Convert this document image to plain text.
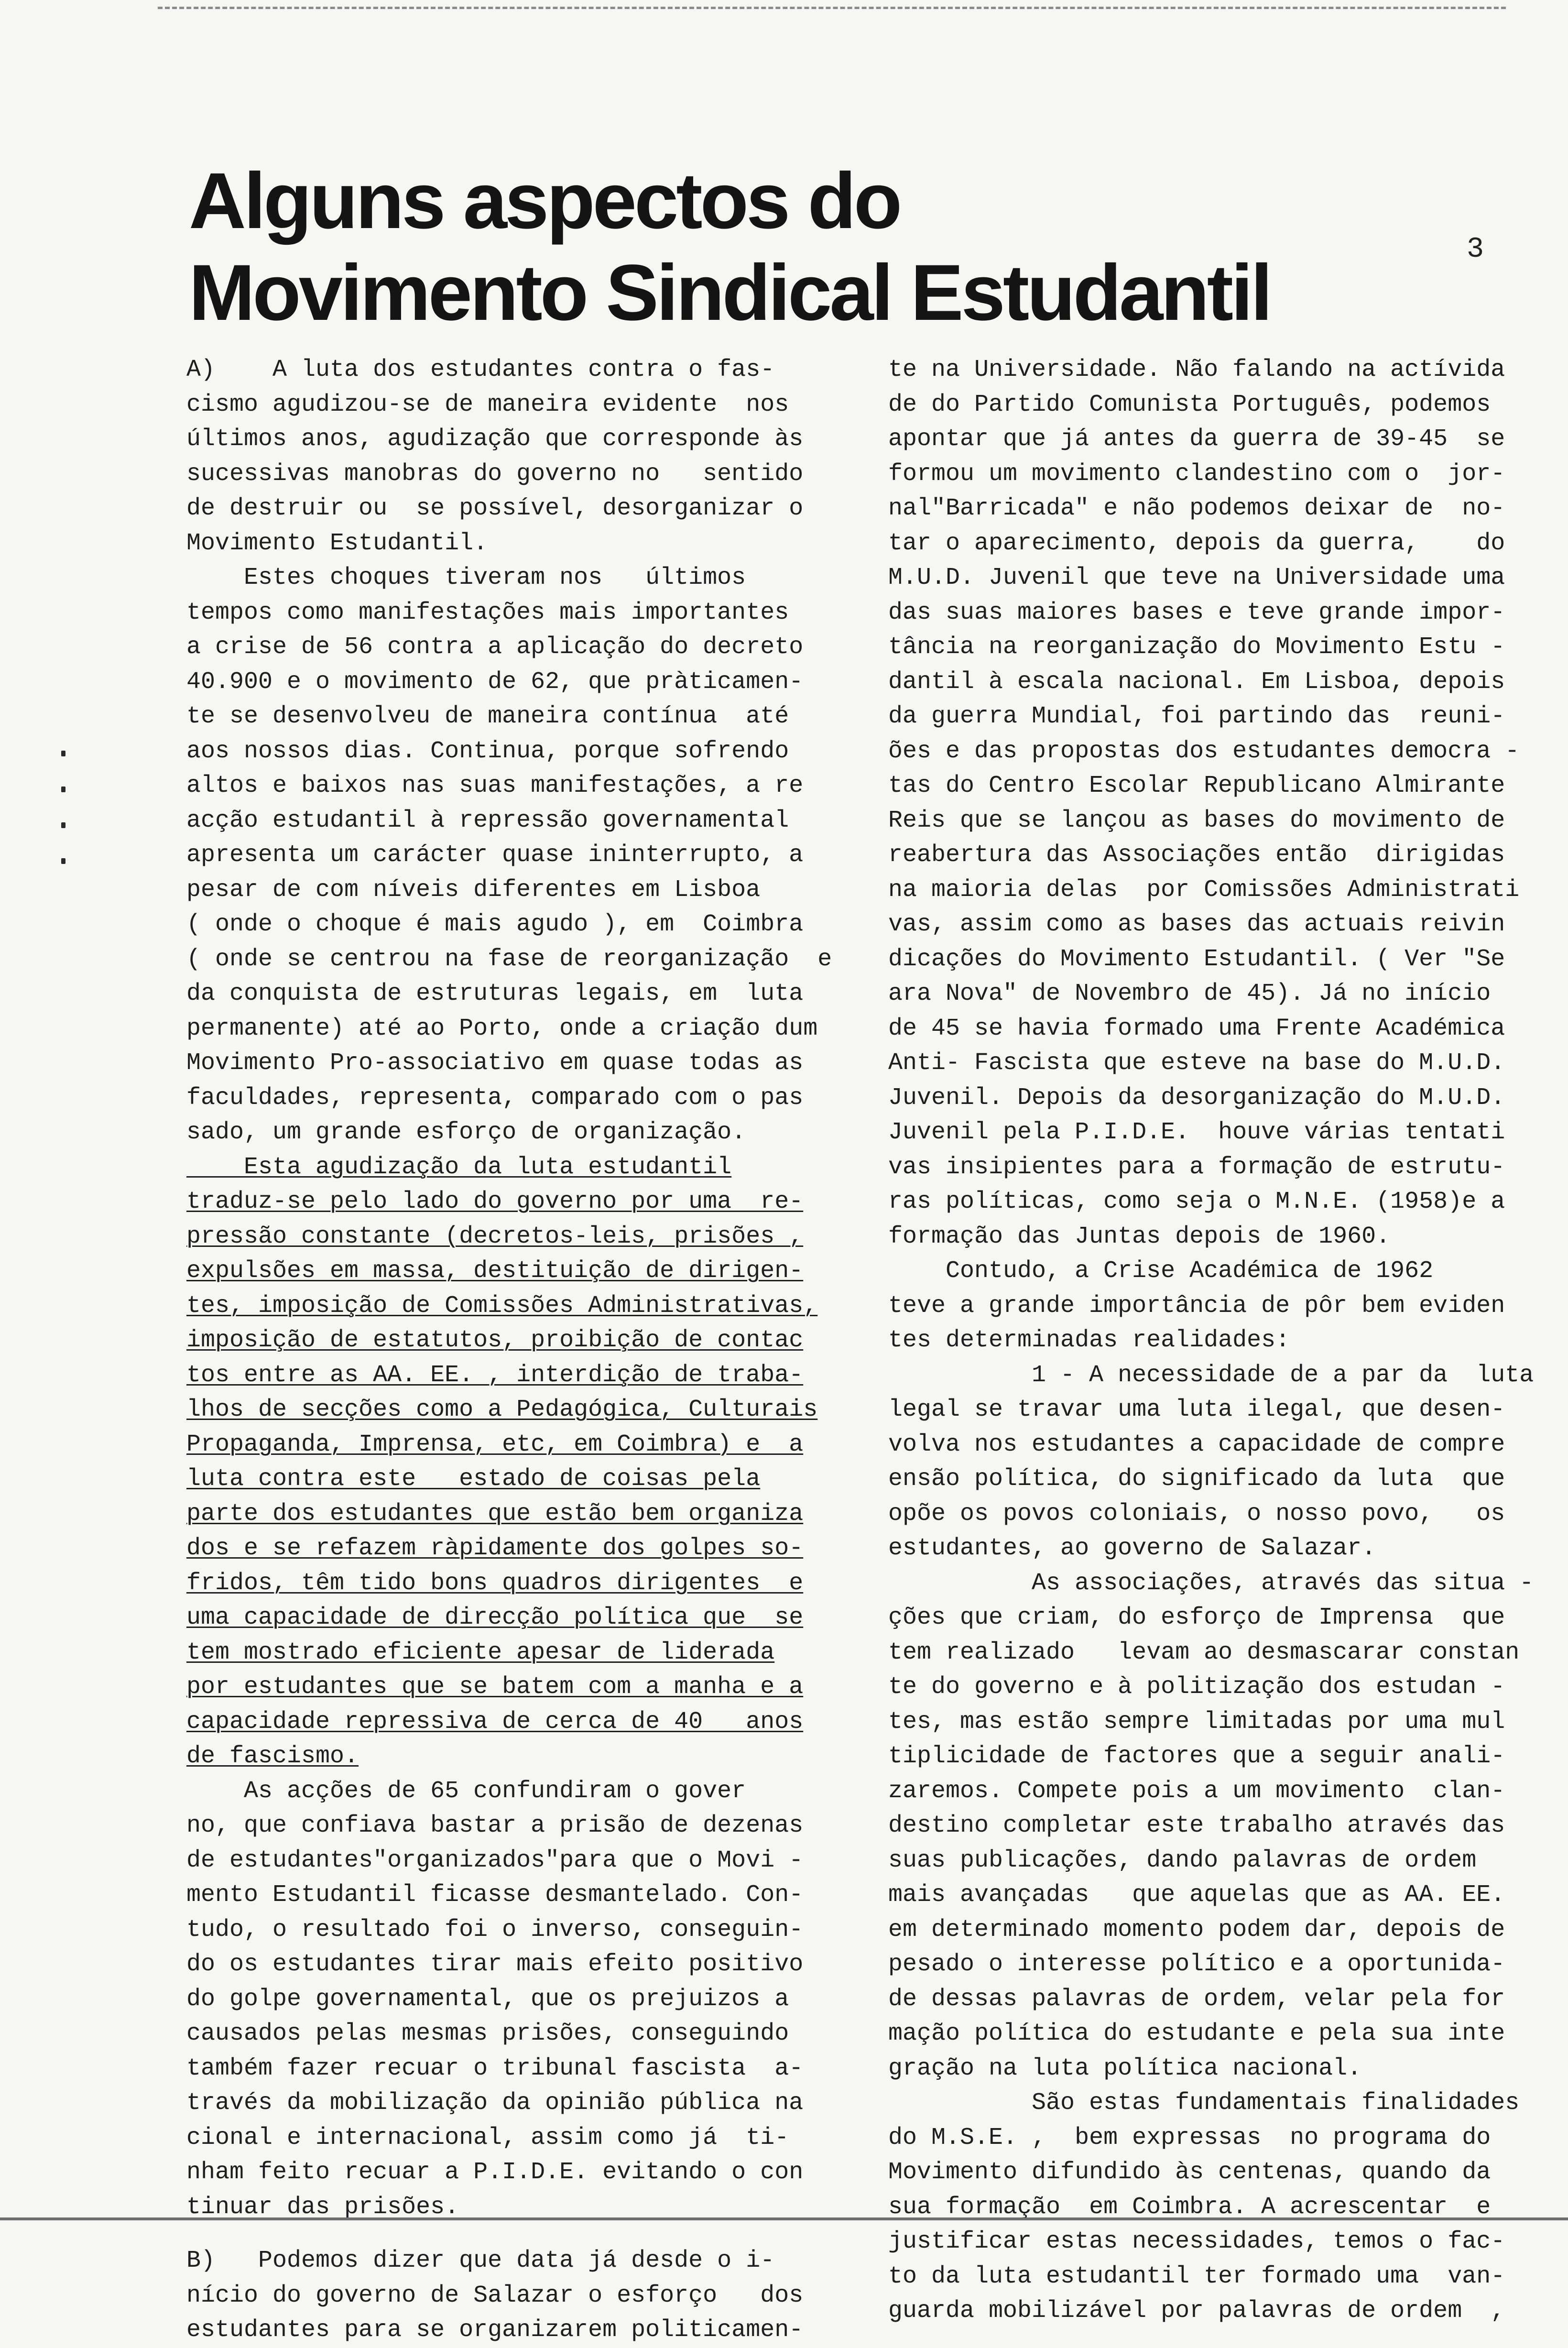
Alguns aspectos do
Movimento Sindical Estudantil	3

A)    A luta dos estudantes contra o fas-
cismo agudizou-se de maneira evidente  nos
últimos anos, agudização que corresponde às
sucessivas manobras do governo no   sentido
de destruir ou  se possível, desorganizar o
Movimento Estudantil.
Estes choques tiveram nos   últimos
tempos como manifestações mais importantes
a crise de 56 contra a aplicação do decreto
40.900 e o movimento de 62, que pràticamen-
te se desenvolveu de maneira contínua  até
aos nossos dias. Continua, porque sofrendo
altos e baixos nas suas manifestações, a re
acção estudantil à repressão governamental
apresenta um carácter quase ininterrupto, a
pesar de com níveis diferentes em Lisboa
( onde o choque é mais agudo ), em  Coimbra
( onde se centrou na fase de reorganização  e
da conquista de estruturas legais, em  luta
permanente) até ao Porto, onde a criação dum
Movimento Pro-associativo em quase todas as
faculdades, representa, comparado com o pas
sado, um grande esforço de organização.

Esta agudização da luta estudantil
traduz-se pelo lado do governo por uma  re-
pressão constante (decretos-leis, prisões ,
expulsões em massa, destituição de dirigen-
tes, imposição de Comissões Administrativas,
imposição de estatutos, proibição de contac
tos entre as AA. EE. , interdição de traba-
lhos de secções como a Pedagógica, Culturais
Propaganda, Imprensa, etc, em Coimbra) e  a
luta contra este   estado de coisas pela
parte dos estudantes que estão bem organiza
dos e se refazem ràpidamente dos golpes so-
fridos, têm tido bons quadros dirigentes  e
uma capacidade de direcção política que  se
tem mostrado eficiente apesar de liderada
por estudantes que se batem com a manha e a
capacidade repressiva de cerca de 40   anos
de fascismo.

As acções de 65 confundiram o gover
no, que confiava bastar a prisão de dezenas
de estudantes"organizados"para que o Movi -
mento Estudantil ficasse desmantelado. Con-
tudo, o resultado foi o inverso, conseguin-
do os estudantes tirar mais efeito positivo
do golpe governamental, que os prejuizos a
causados pelas mesmas prisões, conseguindo
também fazer recuar o tribunal fascista  a-
través da mobilização da opinião pública na
cional e internacional, assim como já  ti-
nham feito recuar a P.I.D.E. evitando o con
tinuar das prisões.

B)   Podemos dizer que data já desde o i-
nício do governo de Salazar o esforço   dos
estudantes para se organizarem politicamen-

te na Universidade. Não falando na actívida
de do Partido Comunista Português, podemos
apontar que já antes da guerra de 39-45  se
formou um movimento clandestino com o  jor-
nal"Barricada" e não podemos deixar de  no-
tar o aparecimento, depois da guerra,    do
M.U.D. Juvenil que teve na Universidade uma
das suas maiores bases e teve grande impor-
tância na reorganização do Movimento Estu -
dantil à escala nacional. Em Lisboa, depois
da guerra Mundial, foi partindo das  reuni-
ões e das propostas dos estudantes democra -
tas do Centro Escolar Republicano Almirante
Reis que se lançou as bases do movimento de
reabertura das Associações então  dirigidas
na maioria delas  por Comissões Administrati
vas, assim como as bases das actuais reivin
dicações do Movimento Estudantil. ( Ver "Se
ara Nova" de Novembro de 45). Já no início
de 45 se havia formado uma Frente Académica
Anti- Fascista que esteve na base do M.U.D.
Juvenil. Depois da desorganização do M.U.D.
Juvenil pela P.I.D.E.  houve várias tentati
vas insipientes para a formação de estrutu-
ras políticas, como seja o M.N.E. (1958)e a
formação das Juntas depois de 1960.

Contudo, a Crise Académica de 1962
teve a grande importância de pôr bem eviden
tes determinadas realidades:

1 - A necessidade de a par da  luta
legal se travar uma luta ilegal, que desen-
volva nos estudantes a capacidade de compre
ensão política, do significado da luta  que
opõe os povos coloniais, o nosso povo,   os
estudantes, ao governo de Salazar.

As associações, através das situa -
ções que criam, do esforço de Imprensa  que
tem realizado   levam ao desmascarar constan
te do governo e à politização dos estudan -
tes, mas estão sempre limitadas por uma mul
tiplicidade de factores que a seguir anali-
zaremos. Compete pois a um movimento  clan-
destino completar este trabalho através das
suas publicações, dando palavras de ordem
mais avançadas   que aquelas que as AA. EE.
em determinado momento podem dar, depois de
pesado o interesse político e a oportunida-
de dessas palavras de ordem, velar pela for
mação política do estudante e pela sua inte
gração na luta política nacional.

São estas fundamentais finalidades
do M.S.E. ,  bem expressas  no programa do
Movimento difundido às centenas, quando da
sua formação  em Coimbra. A acrescentar  e
justificar estas necessidades, temos o fac-
to da luta estudantil ter formado uma  van-
guarda mobilizável por palavras de ordem  ,
